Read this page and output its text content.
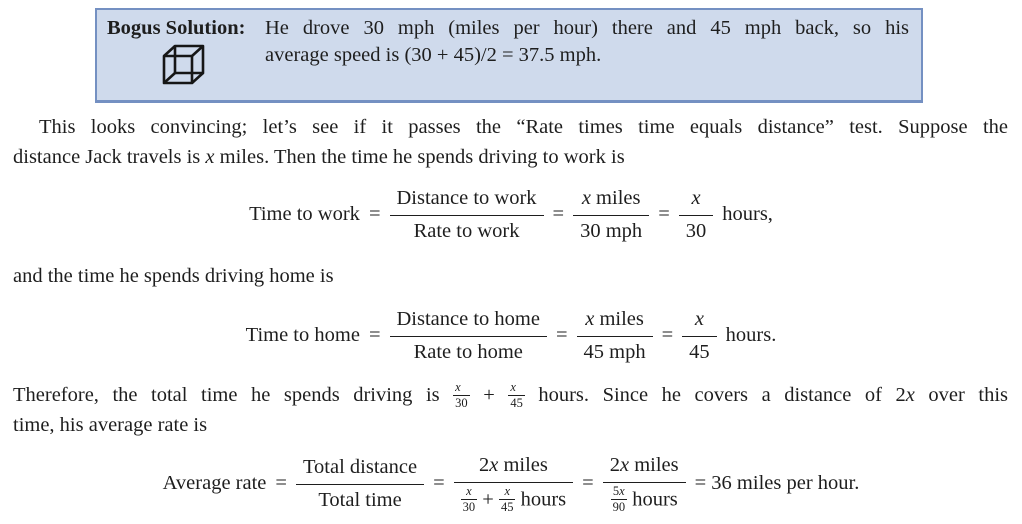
Bogus Solution: He drove 30 mph (miles per hour) there and 45 mph back, so his
average speed is (30 + 45)/2 = 37.5 mph.
This looks convincing; let’s see if it passes the “Rate times time equals distance” test. Suppose the
distance Jack travels is x miles. Then the time he spends driving to work is
Time to work = $\frac{\text{Distance to work}}{\text{Rate to work}} = \frac{\text{x miles}}{\text{30 mph}} = \frac{x}{30}$ hours,
and the time he spends driving home is
Time to home = $\frac{\text{Distance to home}}{\text{Rate to home}} = \frac{\text{x miles}}{\text{45 mph}} = \frac{x}{45}$ hours.
Therefore, the total time he spends driving is $\frac{x}{30} + \frac{x}{45}$ hours. Since he covers a distance of 2x over this
time, his average rate is
Average rate = $\frac{\text{Total distance}}{\text{Total time}} = \frac{\text{2x miles}}{\frac{x}{30} + \frac{x}{45} hours} = \frac{\text{2x miles}}{\frac{5x}{90} hours} = 36$ miles per hour.
